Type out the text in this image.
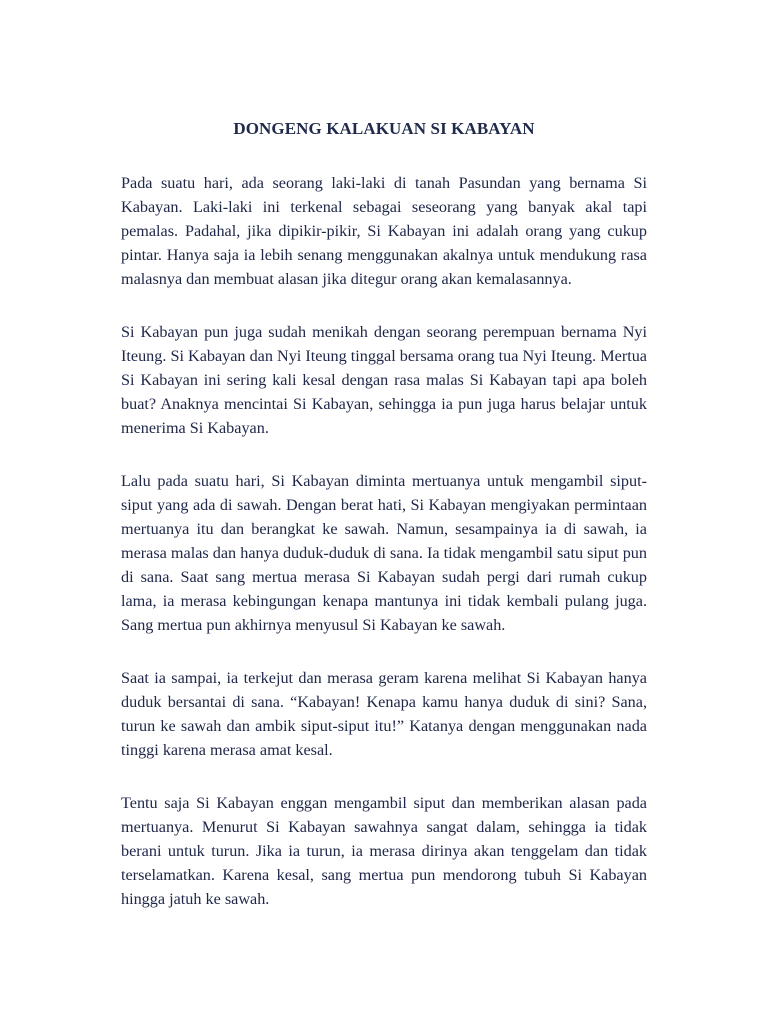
DONGENG KALAKUAN SI KABAYAN

Pada suatu hari, ada seorang laki-laki di tanah Pasundan yang bernama Si Kabayan. Laki-laki ini terkenal sebagai seseorang yang banyak akal tapi pemalas. Padahal, jika dipikir-pikir, Si Kabayan ini adalah orang yang cukup pintar. Hanya saja ia lebih senang menggunakan akalnya untuk mendukung rasa malasnya dan membuat alasan jika ditegur orang akan kemalasannya.

Si Kabayan pun juga sudah menikah dengan seorang perempuan bernama Nyi Iteung. Si Kabayan dan Nyi Iteung tinggal bersama orang tua Nyi Iteung. Mertua Si Kabayan ini sering kali kesal dengan rasa malas Si Kabayan tapi apa boleh buat? Anaknya mencintai Si Kabayan, sehingga ia pun juga harus belajar untuk menerima Si Kabayan.

Lalu pada suatu hari, Si Kabayan diminta mertuanya untuk mengambil siput-siput yang ada di sawah. Dengan berat hati, Si Kabayan mengiyakan permintaan mertuanya itu dan berangkat ke sawah. Namun, sesampainya ia di sawah, ia merasa malas dan hanya duduk-duduk di sana. Ia tidak mengambil satu siput pun di sana. Saat sang mertua merasa Si Kabayan sudah pergi dari rumah cukup lama, ia merasa kebingungan kenapa mantunya ini tidak kembali pulang juga. Sang mertua pun akhirnya menyusul Si Kabayan ke sawah.

Saat ia sampai, ia terkejut dan merasa geram karena melihat Si Kabayan hanya duduk bersantai di sana. “Kabayan! Kenapa kamu hanya duduk di sini? Sana, turun ke sawah dan ambik siput-siput itu!” Katanya dengan menggunakan nada tinggi karena merasa amat kesal.

Tentu saja Si Kabayan enggan mengambil siput dan memberikan alasan pada mertuanya. Menurut Si Kabayan sawahnya sangat dalam, sehingga ia tidak berani untuk turun. Jika ia turun, ia merasa dirinya akan tenggelam dan tidak terselamatkan. Karena kesal, sang mertua pun mendorong tubuh Si Kabayan hingga jatuh ke sawah.
